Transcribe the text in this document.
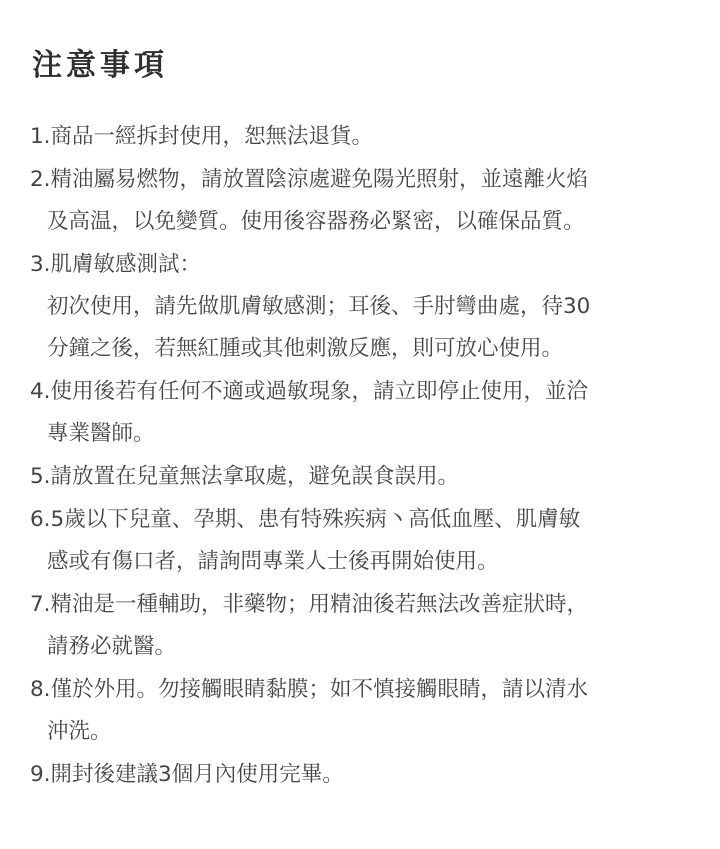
注意事項
1.商品一經拆封使用，恕無法退貨。
2.精油屬易燃物，請放置陰涼處避免陽光照射，並遠離火焰
及高温，以免變質。使用後容器務必緊密，以確保品質。
3.肌膚敏感測試：
初次使用，請先做肌膚敏感測；耳後、手肘彎曲處，待30
分鐘之後，若無紅腫或其他刺激反應，則可放心使用。
4.使用後若有任何不適或過敏現象，請立即停止使用，並洽
專業醫師。
5.請放置在兒童無法拿取處，避免誤食誤用。
6.5歲以下兒童、孕期、患有特殊疾病丶高低血壓、肌膚敏
感或有傷口者，請詢問專業人士後再開始使用。
7.精油是一種輔助，非藥物；用精油後若無法改善症狀時，
請務必就醫。
8.僅於外用。勿接觸眼睛黏膜；如不慎接觸眼睛，請以清水
沖洗。
9.開封後建議3個月內使用完畢。
